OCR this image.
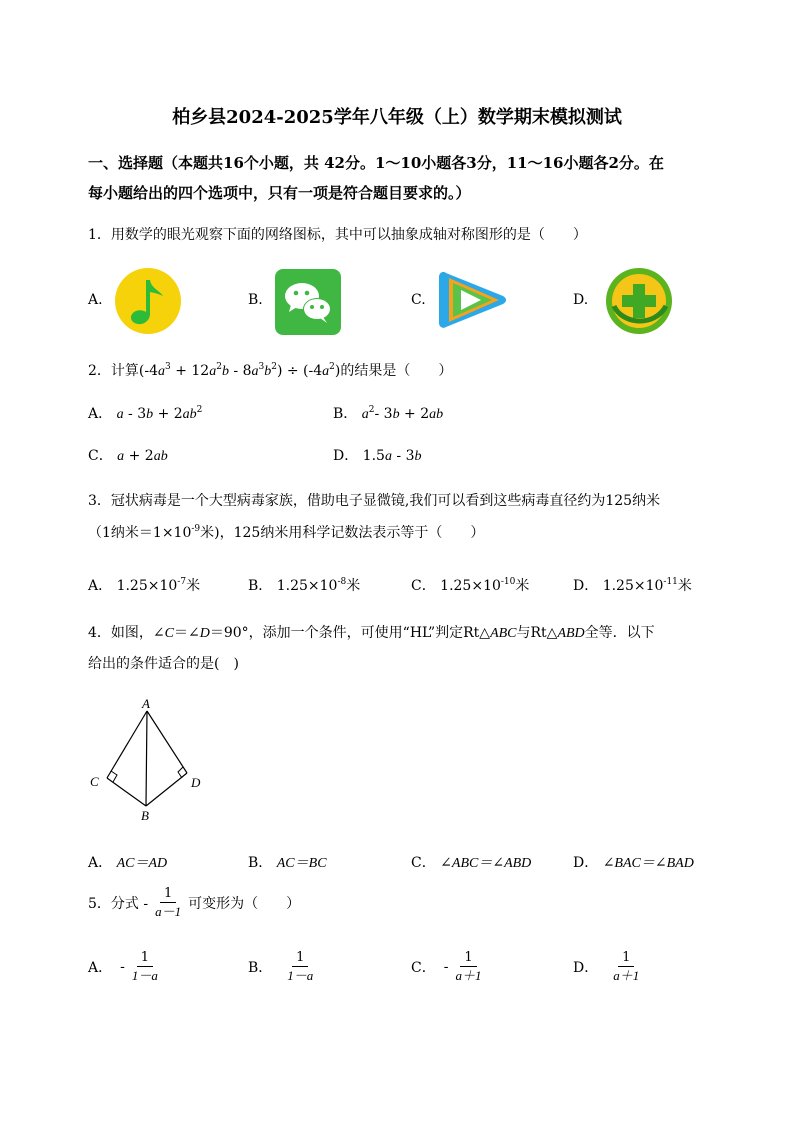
柏乡县2024-2025学年八年级（上）数学期末模拟测试
一、选择题（本题共16个小题，共 42分。1～10小题各3分，11～16小题各2分。在
每小题给出的四个选项中，只有一项是符合题目要求的。）
1．用数学的眼光观察下面的网络图标，其中可以抽象成轴对称图形的是（　　）
A.	B.	C.	D.
2．计算$(-4a^3 + 12a^2b - 8a^3b^2) \div (-4a^2)$的结果是（　　）
A． $a - 3b + 2ab^2$	B． $a^2-$ 3b + 2ab
C． a + 2ab	D． 1.5a - 3b
3．冠状病毒是一个大型病毒家族，借助电子显微镜,我们可以看到这些病毒直径约为125纳米
（1纳米$=1\times 10^{-9}$米)，125纳米用科学记数法表示等于（　　）
A． $1.25\times 10^{-7}$米	B． $1.25\times 10^{-8}$米	C． $1.25\times 10^{-10}$米	D． $1.25\times 10^{-11}$米
4．如图，∠C＝∠D＝90°，添加一个条件，可使用“HL”判定Rt△ABC与Rt△ABD全等．以下
给出的条件适合的是(　)
A
C	D
B
A． AC＝AD	B． AC＝BC	C． ∠ABC＝∠ABD	D． ∠BAC＝∠BAD
5．分式 - $\frac{1}{a-1}$ 可变形为（　　）
A． - $\frac{1}{1-a}$	B． $\frac{1}{1-a}$	C． - $\frac{1}{a+1}$	D． $\frac{1}{a+1}$
